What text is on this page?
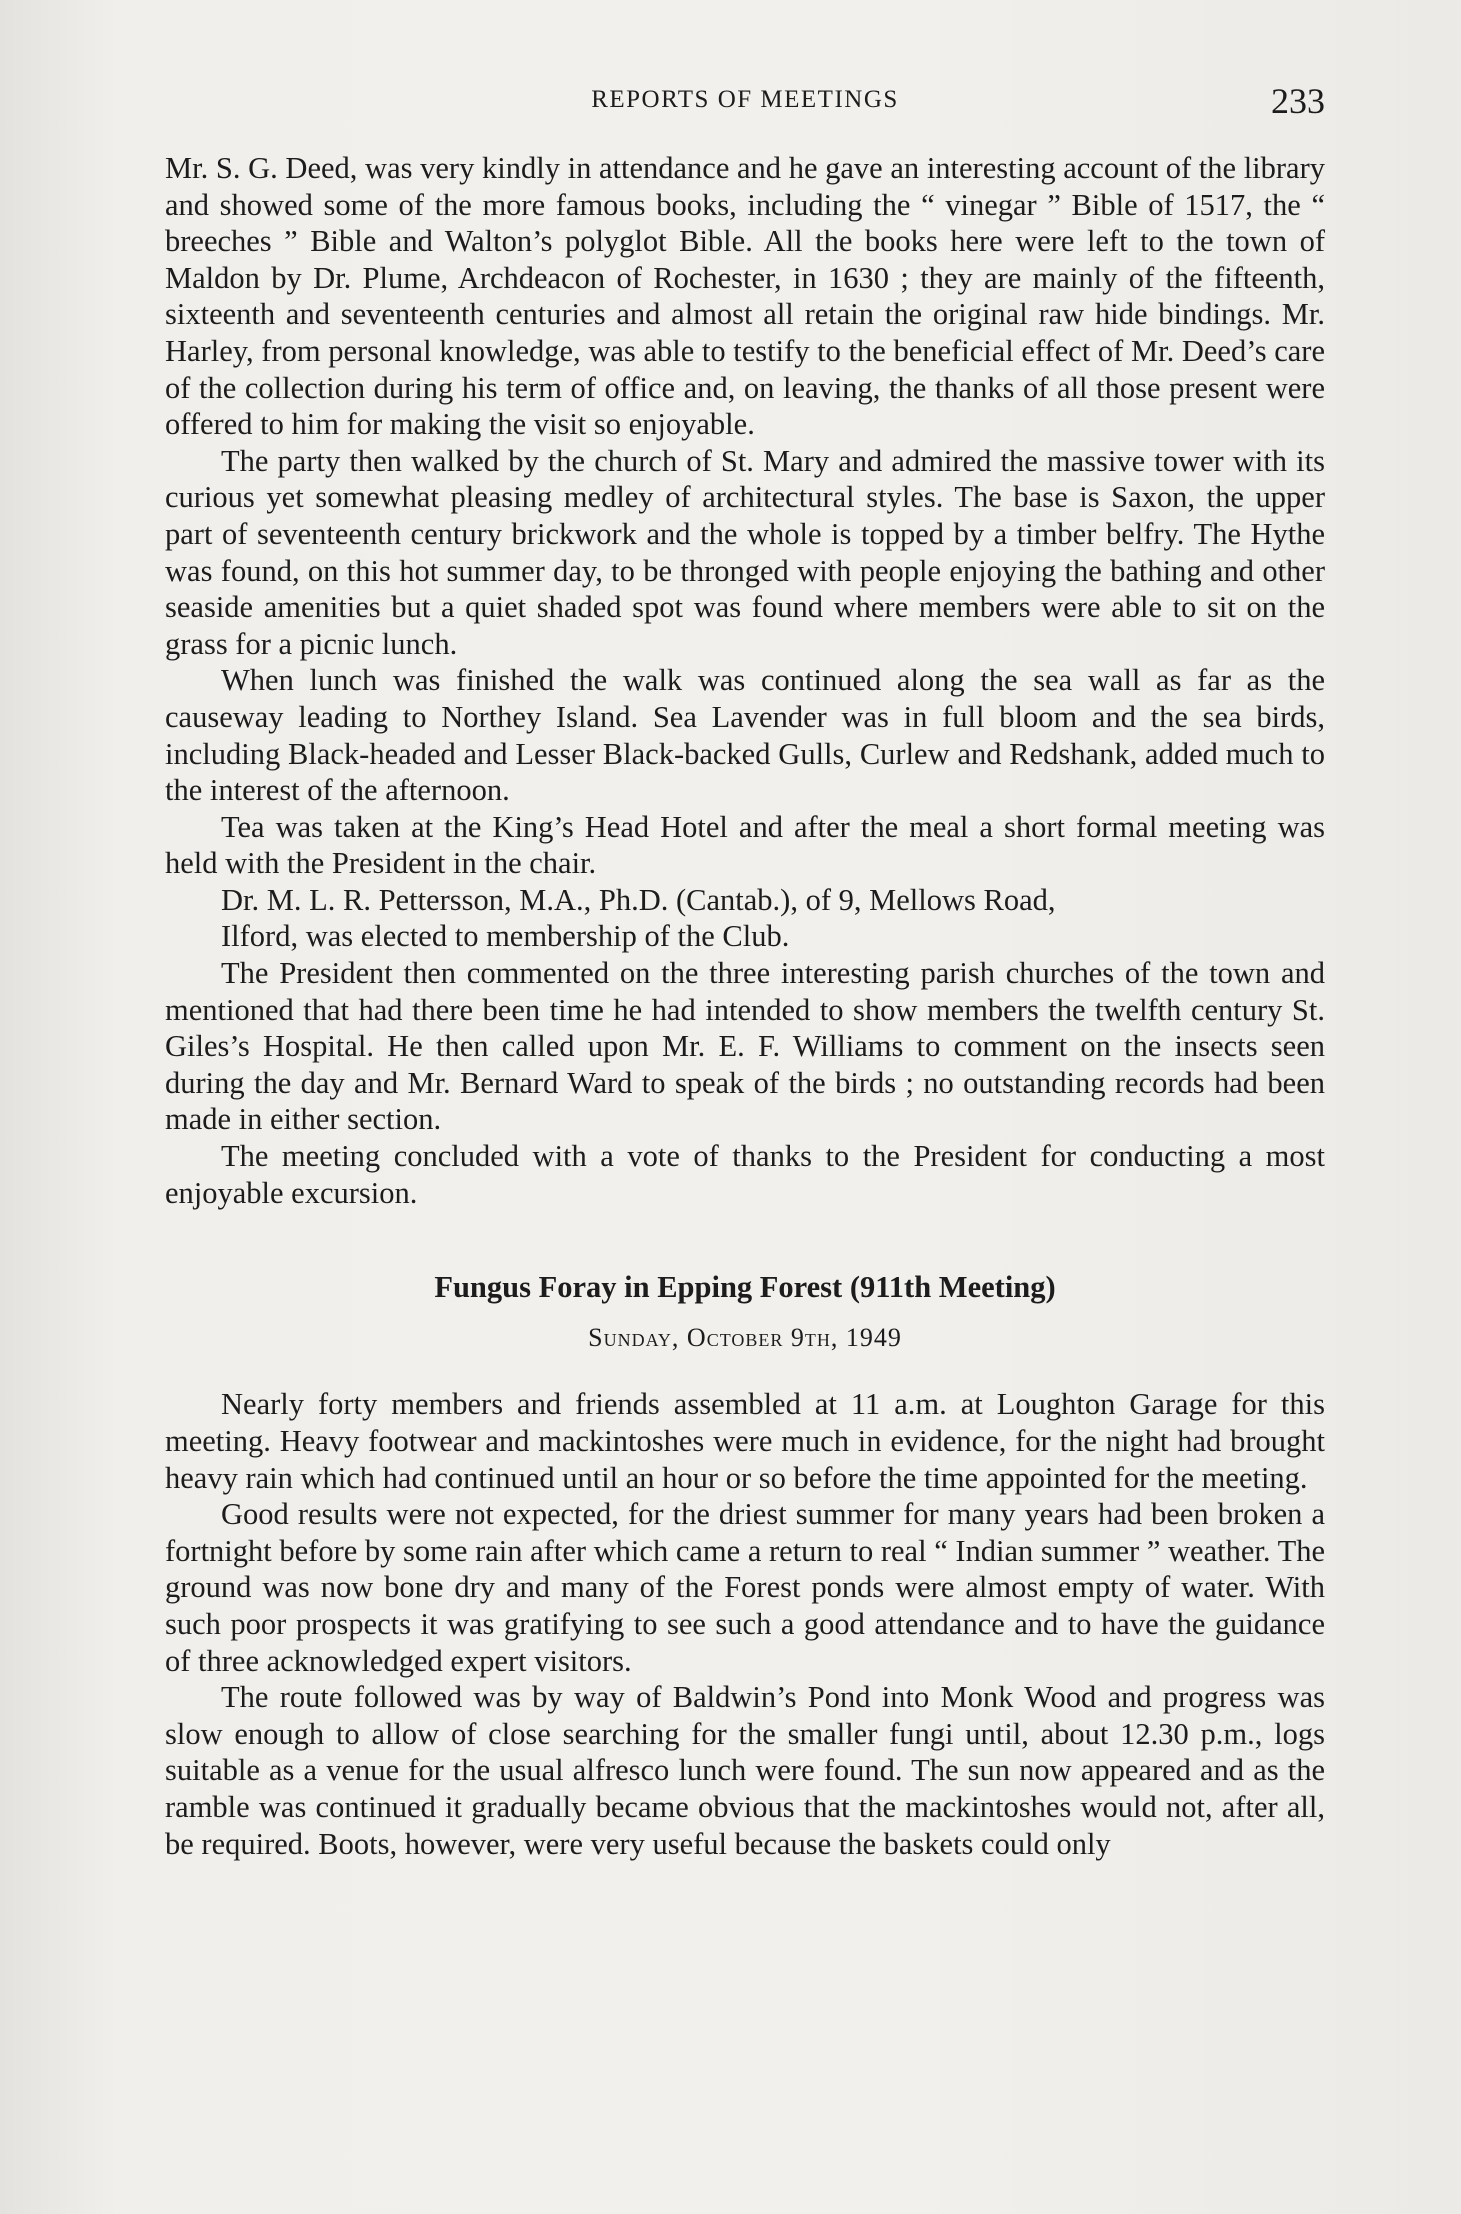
REPORTS OF MEETINGS	233

Mr. S. G. Deed, was very kindly in attendance and he gave an interesting account of the library and showed some of the more famous books, including the “ vinegar ” Bible of 1517, the “ breeches ” Bible and Walton’s polyglot Bible. All the books here were left to the town of Maldon by Dr. Plume, Archdeacon of Rochester, in 1630 ; they are mainly of the fifteenth, sixteenth and seventeenth centuries and almost all retain the original raw hide bindings. Mr. Harley, from personal knowledge, was able to testify to the beneficial effect of Mr. Deed’s care of the collection during his term of office and, on leaving, the thanks of all those present were offered to him for making the visit so enjoyable.

The party then walked by the church of St. Mary and admired the massive tower with its curious yet somewhat pleasing medley of architectural styles. The base is Saxon, the upper part of seventeenth century brickwork and the whole is topped by a timber belfry. The Hythe was found, on this hot summer day, to be thronged with people enjoying the bathing and other seaside amenities but a quiet shaded spot was found where members were able to sit on the grass for a picnic lunch.

When lunch was finished the walk was continued along the sea wall as far as the causeway leading to Northey Island. Sea Lavender was in full bloom and the sea birds, including Black-headed and Lesser Black-backed Gulls, Curlew and Redshank, added much to the interest of the afternoon.

Tea was taken at the King’s Head Hotel and after the meal a short formal meeting was held with the President in the chair.

Dr. M. L. R. Pettersson, M.A., Ph.D. (Cantab.), of 9, Mellows Road,

Ilford, was elected to membership of the Club.

The President then commented on the three interesting parish churches of the town and mentioned that had there been time he had intended to show members the twelfth century St. Giles’s Hospital. He then called upon Mr. E. F. Williams to comment on the insects seen during the day and Mr. Bernard Ward to speak of the birds ; no outstanding records had been made in either section.

The meeting concluded with a vote of thanks to the President for conducting a most enjoyable excursion.

Fungus Foray in Epping Forest (911th Meeting)
Sunday, October 9th, 1949

Nearly forty members and friends assembled at 11 a.m. at Loughton Garage for this meeting. Heavy footwear and mackintoshes were much in evidence, for the night had brought heavy rain which had continued until an hour or so before the time appointed for the meeting.

Good results were not expected, for the driest summer for many years had been broken a fortnight before by some rain after which came a return to real “ Indian summer ” weather. The ground was now bone dry and many of the Forest ponds were almost empty of water. With such poor prospects it was gratifying to see such a good attendance and to have the guidance of three acknowledged expert visitors.

The route followed was by way of Baldwin’s Pond into Monk Wood and progress was slow enough to allow of close searching for the smaller fungi until, about 12.30 p.m., logs suitable as a venue for the usual alfresco lunch were found. The sun now appeared and as the ramble was continued it gradually became obvious that the mackintoshes would not, after all, be required. Boots, however, were very useful because the baskets could only
